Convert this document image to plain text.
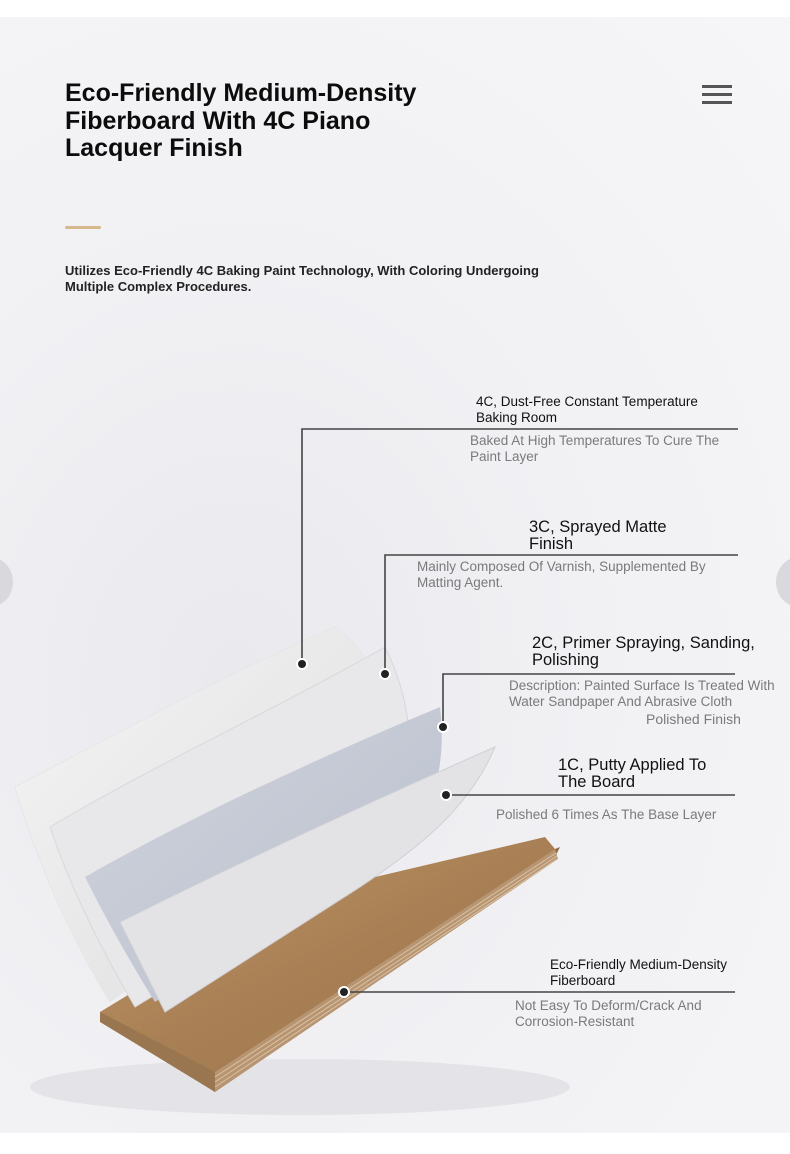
Eco-Friendly Medium-Density Fiberboard With 4C Piano Lacquer Finish
Utilizes Eco-Friendly 4C Baking Paint Technology, With Coloring Undergoing Multiple Complex Procedures.
4C, Dust-Free Constant Temperature Baking Room
Baked At High Temperatures To Cure The Paint Layer
3C, Sprayed Matte Finish
Mainly Composed Of Varnish, Supplemented By Matting Agent.
2C, Primer Spraying, Sanding, Polishing
Description: Painted Surface Is Treated With Water Sandpaper And Abrasive Cloth
Polished Finish
1C, Putty Applied To The Board
Polished 6 Times As The Base Layer
Eco-Friendly Medium-Density Fiberboard
Not Easy To Deform/Crack And Corrosion-Resistant
